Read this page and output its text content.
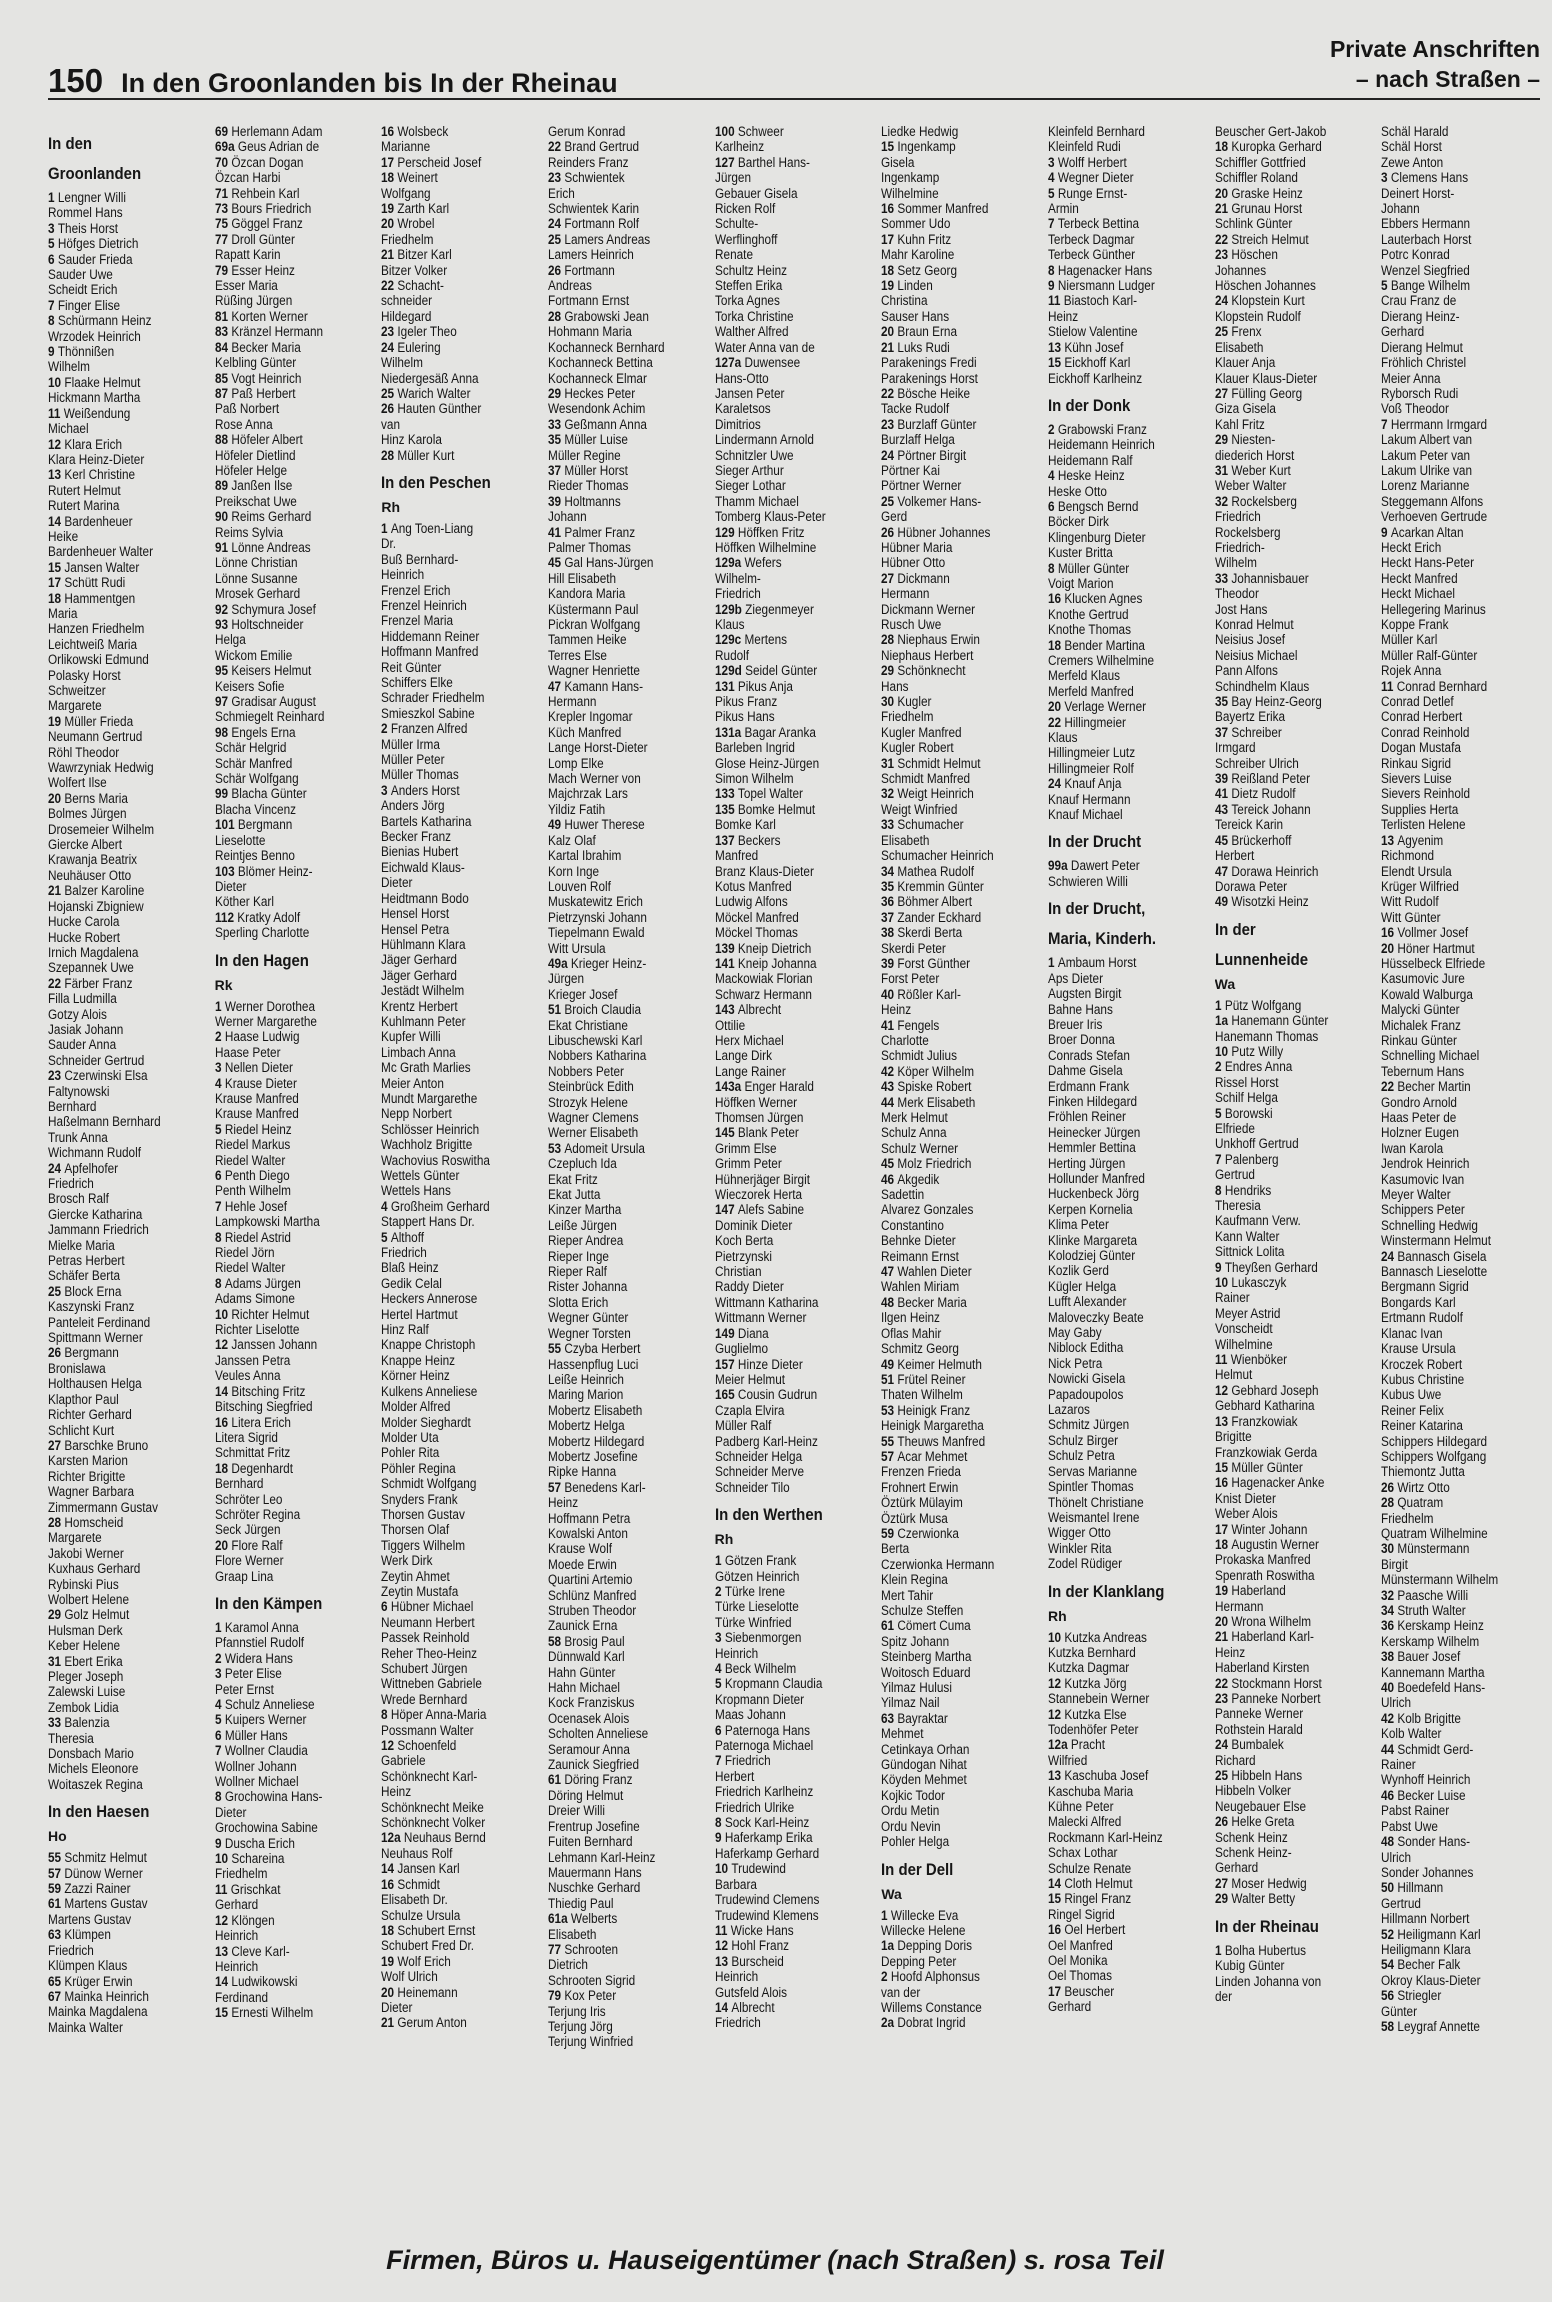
150 In den Groonlanden bis In der Rheinau
Private Anschriften
– nach Straßen –
In den
Groonlanden
1 Lengner Willi
Rommel Hans
3 Theis Horst
5 Höfges Dietrich
6 Sauder Frieda
Sauder Uwe
Scheidt Erich
7 Finger Elise
8 Schürmann Heinz
Wrzodek Heinrich
9 Thönnißen
Wilhelm
10 Flaake Helmut
Hickmann Martha
11 Weißendung
Michael
12 Klara Erich
Klara Heinz-Dieter
13 Kerl Christine
Rutert Helmut
Rutert Marina
14 Bardenheuer
Heike
Bardenheuer Walter
15 Jansen Walter
17 Schütt Rudi
18 Hammentgen
Maria
Hanzen Friedhelm
Leichtweiß Maria
Orlikowski Edmund
Polasky Horst
Schweitzer
Margarete
19 Müller Frieda
Neumann Gertrud
Röhl Theodor
Wawrzyniak Hedwig
Wolfert Ilse
20 Berns Maria
Bolmes Jürgen
Drosemeier Wilhelm
Giercke Albert
Krawanja Beatrix
Neuhäuser Otto
21 Balzer Karoline
Hojanski Zbigniew
Hucke Carola
Hucke Robert
Irnich Magdalena
Szepannek Uwe
22 Färber Franz
Filla Ludmilla
Gotzy Alois
Jasiak Johann
Sauder Anna
Schneider Gertrud
23 Czerwinski Elsa
Faltynowski
Bernhard
Haßelmann Bernhard
Trunk Anna
Wichmann Rudolf
24 Apfelhofer
Friedrich
Brosch Ralf
Giercke Katharina
Jammann Friedrich
Mielke Maria
Petras Herbert
Schäfer Berta
25 Block Erna
Kaszynski Franz
Panteleit Ferdinand
Spittmann Werner
26 Bergmann
Bronislawa
Holthausen Helga
Klapthor Paul
Richter Gerhard
Schlicht Kurt
27 Barschke Bruno
Karsten Marion
Richter Brigitte
Wagner Barbara
Zimmermann Gustav
28 Homscheid
Margarete
Jakobi Werner
Kuxhaus Gerhard
Rybinski Pius
Wolbert Helene
29 Golz Helmut
Hulsman Derk
Keber Helene
31 Ebert Erika
Pleger Joseph
Zalewski Luise
Zembok Lidia
33 Balenzia
Theresia
Donsbach Mario
Michels Eleonore
Woitaszek Regina
In den Haesen
Ho
55 Schmitz Helmut
57 Dünow Werner
59 Zazzi Rainer
61 Martens Gustav
Martens Gustav
63 Klümpen
Friedrich
Klümpen Klaus
65 Krüger Erwin
67 Mainka Heinrich
Mainka Magdalena
Mainka Walter
69 Herlemann Adam
69a Geus Adrian de
70 Özcan Dogan
Özcan Harbi
71 Rehbein Karl
73 Bours Friedrich
75 Göggel Franz
77 Droll Günter
Rapatt Karin
79 Esser Heinz
Esser Maria
Rüßing Jürgen
81 Korten Werner
83 Kränzel Hermann
84 Becker Maria
Kelbling Günter
85 Vogt Heinrich
87 Paß Herbert
Paß Norbert
Rose Anna
88 Höfeler Albert
Höfeler Dietlind
Höfeler Helge
89 Janßen Ilse
Preikschat Uwe
90 Reims Gerhard
Reims Sylvia
91 Lönne Andreas
Lönne Christian
Lönne Susanne
Mrosek Gerhard
92 Schymura Josef
93 Holtschneider
Helga
Wickom Emilie
95 Keisers Helmut
Keisers Sofie
97 Gradisar August
Schmiegelt Reinhard
98 Engels Erna
Schär Helgrid
Schär Manfred
Schär Wolfgang
99 Blacha Günter
Blacha Vincenz
101 Bergmann
Lieselotte
Reintjes Benno
103 Blömer Heinz-
Dieter
Köther Karl
112 Kratky Adolf
Sperling Charlotte
In den Hagen
Rk
1 Werner Dorothea
Werner Margarethe
2 Haase Ludwig
Haase Peter
3 Nellen Dieter
4 Krause Dieter
Krause Manfred
Krause Manfred
5 Riedel Heinz
Riedel Markus
Riedel Walter
6 Penth Diego
Penth Wilhelm
7 Hehle Josef
Lampkowski Martha
8 Riedel Astrid
Riedel Jörn
Riedel Walter
8 Adams Jürgen
Adams Simone
10 Richter Helmut
Richter Liselotte
12 Janssen Johann
Janssen Petra
Veules Anna
14 Bitsching Fritz
Bitsching Siegfried
16 Litera Erich
Litera Sigrid
Schmittat Fritz
18 Degenhardt
Bernhard
Schröter Leo
Schröter Regina
Seck Jürgen
20 Flore Ralf
Flore Werner
Graap Lina
In den Kämpen
1 Karamol Anna
Pfannstiel Rudolf
2 Widera Hans
3 Peter Elise
Peter Ernst
4 Schulz Anneliese
5 Kuipers Werner
6 Müller Hans
7 Wollner Claudia
Wollner Johann
Wollner Michael
8 Grochowina Hans-
Dieter
Grochowina Sabine
9 Duscha Erich
10 Schareina
Friedhelm
11 Grischkat
Gerhard
12 Klöngen
Heinrich
13 Cleve Karl-
Heinrich
14 Ludwikowski
Ferdinand
15 Ernesti Wilhelm
16 Wolsbeck
Marianne
17 Perscheid Josef
18 Weinert
Wolfgang
19 Zarth Karl
20 Wrobel
Friedhelm
21 Bitzer Karl
Bitzer Volker
22 Schacht-
schneider
Hildegard
23 Igeler Theo
24 Eulering
Wilhelm
Niedergesäß Anna
25 Warich Walter
26 Hauten Günther
van
Hinz Karola
28 Müller Kurt
In den Peschen
Rh
1 Ang Toen-Liang
Dr.
Buß Bernhard-
Heinrich
Frenzel Erich
Frenzel Heinrich
Frenzel Maria
Hiddemann Reiner
Hoffmann Manfred
Reit Günter
Schiffers Elke
Schrader Friedhelm
Smieszkol Sabine
2 Franzen Alfred
Müller Irma
Müller Peter
Müller Thomas
3 Anders Horst
Anders Jörg
Bartels Katharina
Becker Franz
Bienias Hubert
Eichwald Klaus-
Dieter
Heidtmann Bodo
Hensel Horst
Hensel Petra
Hühlmann Klara
Jäger Gerhard
Jäger Gerhard
Jestädt Wilhelm
Krentz Herbert
Kuhlmann Peter
Kupfer Willi
Limbach Anna
Mc Grath Marlies
Meier Anton
Mundt Margarethe
Nepp Norbert
Schlösser Heinrich
Wachholz Brigitte
Wachovius Roswitha
Wettels Günter
Wettels Hans
4 Großheim Gerhard
Stappert Hans Dr.
5 Althoff
Friedrich
Blaß Heinz
Gedik Celal
Heckers Annerose
Hertel Hartmut
Hinz Ralf
Knappe Christoph
Knappe Heinz
Körner Heinz
Kulkens Anneliese
Molder Alfred
Molder Sieghardt
Molder Uta
Pohler Rita
Pöhler Regina
Schmidt Wolfgang
Snyders Frank
Thorsen Gustav
Thorsen Olaf
Tiggers Wilhelm
Werk Dirk
Zeytin Ahmet
Zeytin Mustafa
6 Hübner Michael
Neumann Herbert
Passek Reinhold
Reher Theo-Heinz
Schubert Jürgen
Wittneben Gabriele
Wrede Bernhard
8 Höper Anna-Maria
Possmann Walter
12 Schoenfeld
Gabriele
Schönknecht Karl-
Heinz
Schönknecht Meike
Schönknecht Volker
12a Neuhaus Bernd
Neuhaus Rolf
14 Jansen Karl
16 Schmidt
Elisabeth Dr.
Schulze Ursula
18 Schubert Ernst
Schubert Fred Dr.
19 Wolf Erich
Wolf Ulrich
20 Heinemann
Dieter
21 Gerum Anton
Gerum Konrad
22 Brand Gertrud
Reinders Franz
23 Schwientek
Erich
Schwientek Karin
24 Fortmann Rolf
25 Lamers Andreas
Lamers Heinrich
26 Fortmann
Andreas
Fortmann Ernst
28 Grabowski Jean
Hohmann Maria
Kochanneck Bernhard
Kochanneck Bettina
Kochanneck Elmar
29 Heckes Peter
Wesendonk Achim
33 Geßmann Anna
35 Müller Luise
Müller Regine
37 Müller Horst
Rieder Thomas
39 Holtmanns
Johann
41 Palmer Franz
Palmer Thomas
45 Gal Hans-Jürgen
Hill Elisabeth
Kandora Maria
Küstermann Paul
Pickran Wolfgang
Tammen Heike
Terres Else
Wagner Henriette
47 Kamann Hans-
Hermann
Krepler Ingomar
Küch Manfred
Lange Horst-Dieter
Lomp Elke
Mach Werner von
Majchrzak Lars
Yildiz Fatih
49 Huwer Therese
Kalz Olaf
Kartal Ibrahim
Korn Inge
Louven Rolf
Muskatewitz Erich
Pietrzynski Johann
Tiepelmann Ewald
Witt Ursula
49a Krieger Heinz-
Jürgen
Krieger Josef
51 Broich Claudia
Ekat Christiane
Libuschewski Karl
Nobbers Katharina
Nobbers Peter
Steinbrück Edith
Strozyk Helene
Wagner Clemens
Werner Elisabeth
53 Adomeit Ursula
Czepluch Ida
Ekat Fritz
Ekat Jutta
Kinzer Martha
Leiße Jürgen
Rieper Andrea
Rieper Inge
Rieper Ralf
Rister Johanna
Slotta Erich
Wegner Günter
Wegner Torsten
55 Czyba Herbert
Hassenpflug Luci
Leiße Heinrich
Maring Marion
Mobertz Elisabeth
Mobertz Helga
Mobertz Hildegard
Mobertz Josefine
Ripke Hanna
57 Benedens Karl-
Heinz
Hoffmann Petra
Kowalski Anton
Krause Wolf
Moede Erwin
Quartini Artemio
Schlünz Manfred
Struben Theodor
Zaunick Erna
58 Brosig Paul
Dünnwald Karl
Hahn Günter
Hahn Michael
Kock Franziskus
Ocenasek Alois
Scholten Anneliese
Seramour Anna
Zaunick Siegfried
61 Döring Franz
Döring Helmut
Dreier Willi
Frentrup Josefine
Fuiten Bernhard
Lehmann Karl-Heinz
Mauermann Hans
Nuschke Gerhard
Thiedig Paul
61a Welberts
Elisabeth
77 Schrooten
Dietrich
Schrooten Sigrid
79 Kox Peter
Terjung Iris
Terjung Jörg
Terjung Winfried
100 Schweer
Karlheinz
127 Barthel Hans-
Jürgen
Gebauer Gisela
Ricken Rolf
Schulte-
Werflinghoff
Renate
Schultz Heinz
Steffen Erika
Torka Agnes
Torka Christine
Walther Alfred
Water Anna van de
127a Duwensee
Hans-Otto
Jansen Peter
Karaletsos
Dimitrios
Lindermann Arnold
Schnitzler Uwe
Sieger Arthur
Sieger Lothar
Thamm Michael
Tomberg Klaus-Peter
129 Höffken Fritz
Höffken Wilhelmine
129a Wefers
Wilhelm-
Friedrich
129b Ziegenmeyer
Klaus
129c Mertens
Rudolf
129d Seidel Günter
131 Pikus Anja
Pikus Franz
Pikus Hans
131a Bagar Aranka
Barleben Ingrid
Glose Heinz-Jürgen
Simon Wilhelm
133 Topel Walter
135 Bomke Helmut
Bomke Karl
137 Beckers
Manfred
Branz Klaus-Dieter
Kotus Manfred
Ludwig Alfons
Möckel Manfred
Möckel Thomas
139 Kneip Dietrich
141 Kneip Johanna
Mackowiak Florian
Schwarz Hermann
143 Albrecht
Ottilie
Herx Michael
Lange Dirk
Lange Rainer
143a Enger Harald
Höffken Werner
Thomsen Jürgen
145 Blank Peter
Grimm Else
Grimm Peter
Hühnerjäger Birgit
Wieczorek Herta
147 Alefs Sabine
Dominik Dieter
Koch Berta
Pietrzynski
Christian
Raddy Dieter
Wittmann Katharina
Wittmann Werner
149 Diana
Guglielmo
157 Hinze Dieter
Meier Helmut
165 Cousin Gudrun
Czapla Elvira
Müller Ralf
Padberg Karl-Heinz
Schneider Helga
Schneider Merve
Schneider Tilo
In den Werthen
Rh
1 Götzen Frank
Götzen Heinrich
2 Türke Irene
Türke Lieselotte
Türke Winfried
3 Siebenmorgen
Heinrich
4 Beck Wilhelm
5 Kropmann Claudia
Kropmann Dieter
Maas Johann
6 Paternoga Hans
Paternoga Michael
7 Friedrich
Herbert
Friedrich Karlheinz
Friedrich Ulrike
8 Sock Karl-Heinz
9 Haferkamp Erika
Haferkamp Gerhard
10 Trudewind
Barbara
Trudewind Clemens
Trudewind Klemens
11 Wicke Hans
12 Hohl Franz
13 Burscheid
Heinrich
Gutsfeld Alois
14 Albrecht
Friedrich
Liedke Hedwig
15 Ingenkamp
Gisela
Ingenkamp
Wilhelmine
16 Sommer Manfred
Sommer Udo
17 Kuhn Fritz
Mahr Karoline
18 Setz Georg
19 Linden
Christina
Sauser Hans
20 Braun Erna
21 Luks Rudi
Parakenings Fredi
Parakenings Horst
22 Bösche Heike
Tacke Rudolf
23 Burzlaff Günter
Burzlaff Helga
24 Pörtner Birgit
Pörtner Kai
Pörtner Werner
25 Volkemer Hans-
Gerd
26 Hübner Johannes
Hübner Maria
Hübner Otto
27 Dickmann
Hermann
Dickmann Werner
Rusch Uwe
28 Niephaus Erwin
Niephaus Herbert
29 Schönknecht
Hans
30 Kugler
Friedhelm
Kugler Manfred
Kugler Robert
31 Schmidt Helmut
Schmidt Manfred
32 Weigt Heinrich
Weigt Winfried
33 Schumacher
Elisabeth
Schumacher Heinrich
34 Mathea Rudolf
35 Kremmin Günter
36 Böhmer Albert
37 Zander Eckhard
38 Skerdi Berta
Skerdi Peter
39 Forst Günther
Forst Peter
40 Rößler Karl-
Heinz
41 Fengels
Charlotte
Schmidt Julius
42 Köper Wilhelm
43 Spiske Robert
44 Merk Elisabeth
Merk Helmut
Schulz Anna
Schulz Werner
45 Molz Friedrich
46 Akgedik
Sadettin
Alvarez Gonzales
Constantino
Behnke Dieter
Reimann Ernst
47 Wahlen Dieter
Wahlen Miriam
48 Becker Maria
Ilgen Heinz
Oflas Mahir
Schmitz Georg
49 Keimer Helmuth
51 Frütel Reiner
Thaten Wilhelm
53 Heinigk Franz
Heinigk Margaretha
55 Theuws Manfred
57 Acar Mehmet
Frenzen Frieda
Frohnert Erwin
Öztürk Mülayim
Öztürk Musa
59 Czerwionka
Berta
Czerwionka Hermann
Klein Regina
Mert Tahir
Schulze Steffen
61 Cömert Cuma
Spitz Johann
Steinberg Martha
Woitosch Eduard
Yilmaz Hulusi
Yilmaz Nail
63 Bayraktar
Mehmet
Cetinkaya Orhan
Gündogan Nihat
Köyden Mehmet
Kojkic Todor
Ordu Metin
Ordu Nevin
Pohler Helga
In der Dell
Wa
1 Willecke Eva
Willecke Helene
1a Depping Doris
Depping Peter
2 Hoofd Alphonsus
van der
Willems Constance
2a Dobrat Ingrid
Kleinfeld Bernhard
Kleinfeld Rudi
3 Wolff Herbert
4 Wegner Dieter
5 Runge Ernst-
Armin
7 Terbeck Bettina
Terbeck Dagmar
Terbeck Günther
8 Hagenacker Hans
9 Niersmann Ludger
11 Biastoch Karl-
Heinz
Stielow Valentine
13 Kühn Josef
15 Eickhoff Karl
Eickhoff Karlheinz
In der Donk
2 Grabowski Franz
Heidemann Heinrich
Heidemann Ralf
4 Heske Heinz
Heske Otto
6 Bengsch Bernd
Böcker Dirk
Klingenburg Dieter
Kuster Britta
8 Müller Günter
Voigt Marion
16 Klucken Agnes
Knothe Gertrud
Knothe Thomas
18 Bender Martina
Cremers Wilhelmine
Merfeld Klaus
Merfeld Manfred
20 Verlage Werner
22 Hillingmeier
Klaus
Hillingmeier Lutz
Hillingmeier Rolf
24 Knauf Anja
Knauf Hermann
Knauf Michael
In der Drucht
99a Dawert Peter
Schwieren Willi
In der Drucht,
Maria, Kinderh.
1 Ambaum Horst
Aps Dieter
Augsten Birgit
Bahne Hans
Breuer Iris
Broer Donna
Conrads Stefan
Dahme Gisela
Erdmann Frank
Finken Hildegard
Fröhlen Reiner
Heinecker Jürgen
Hemmler Bettina
Herting Jürgen
Hollunder Manfred
Huckenbeck Jörg
Kerpen Kornelia
Klima Peter
Klinke Margareta
Kolodziej Günter
Kozlik Gerd
Kügler Helga
Lufft Alexander
Maloveczky Beate
May Gaby
Niblock Editha
Nick Petra
Nowicki Gisela
Papadoupolos
Lazaros
Schmitz Jürgen
Schulz Birger
Schulz Petra
Servas Marianne
Spintler Thomas
Thönelt Christiane
Weismantel Irene
Wigger Otto
Winkler Rita
Zodel Rüdiger
In der Klanklang
Rh
10 Kutzka Andreas
Kutzka Bernhard
Kutzka Dagmar
12 Kutzka Jörg
Stannebein Werner
12 Kutzka Else
Todenhöfer Peter
12a Pracht
Wilfried
13 Kaschuba Josef
Kaschuba Maria
Kühne Peter
Malecki Alfred
Rockmann Karl-Heinz
Schax Lothar
Schulze Renate
14 Cloth Helmut
15 Ringel Franz
Ringel Sigrid
16 Oel Herbert
Oel Manfred
Oel Monika
Oel Thomas
17 Beuscher
Gerhard
Beuscher Gert-Jakob
18 Kuropka Gerhard
Schiffler Gottfried
Schiffler Roland
20 Graske Heinz
21 Grunau Horst
Schlink Günter
22 Streich Helmut
23 Höschen
Johannes
Höschen Johannes
24 Klopstein Kurt
Klopstein Rudolf
25 Frenx
Elisabeth
Klauer Anja
Klauer Klaus-Dieter
27 Fülling Georg
Giza Gisela
Kahl Fritz
29 Niesten-
diederich Horst
31 Weber Kurt
Weber Walter
32 Rockelsberg
Friedrich
Rockelsberg
Friedrich-
Wilhelm
33 Johannisbauer
Theodor
Jost Hans
Konrad Helmut
Neisius Josef
Neisius Michael
Pann Alfons
Schindhelm Klaus
35 Bay Heinz-Georg
Bayertz Erika
37 Schreiber
Irmgard
Schreiber Ulrich
39 Reißland Peter
41 Dietz Rudolf
43 Tereick Johann
Tereick Karin
45 Brückerhoff
Herbert
47 Dorawa Heinrich
Dorawa Peter
49 Wisotzki Heinz
In der
Lunnenheide
Wa
1 Pütz Wolfgang
1a Hanemann Günter
Hanemann Thomas
10 Putz Willy
2 Endres Anna
Rissel Horst
Schilf Helga
5 Borowski
Elfriede
Unkhoff Gertrud
7 Palenberg
Gertrud
8 Hendriks
Theresia
Kaufmann Verw.
Kann Walter
Sittnick Lolita
9 Theyßen Gerhard
10 Lukasczyk
Rainer
Meyer Astrid
Vonscheidt
Wilhelmine
11 Wienböker
Helmut
12 Gebhard Joseph
Gebhard Katharina
13 Franzkowiak
Brigitte
Franzkowiak Gerda
15 Müller Günter
16 Hagenacker Anke
Knist Dieter
Weber Alois
17 Winter Johann
18 Augustin Werner
Prokaska Manfred
Spenrath Roswitha
19 Haberland
Hermann
20 Wrona Wilhelm
21 Haberland Karl-
Heinz
Haberland Kirsten
22 Stockmann Horst
23 Panneke Norbert
Panneke Werner
Rothstein Harald
24 Bumbalek
Richard
25 Hibbeln Hans
Hibbeln Volker
Neugebauer Else
26 Helke Greta
Schenk Heinz
Schenk Heinz-
Gerhard
27 Moser Hedwig
29 Walter Betty
In der Rheinau
1 Bolha Hubertus
Kubig Günter
Linden Johanna von
der
Schäl Harald
Schäl Horst
Zewe Anton
3 Clemens Hans
Deinert Horst-
Johann
Ebbers Hermann
Lauterbach Horst
Potrc Konrad
Wenzel Siegfried
5 Bange Wilhelm
Crau Franz de
Dierang Heinz-
Gerhard
Dierang Helmut
Fröhlich Christel
Meier Anna
Ryborsch Rudi
Voß Theodor
7 Herrmann Irmgard
Lakum Albert van
Lakum Peter van
Lakum Ulrike van
Lorenz Marianne
Steggemann Alfons
Verhoeven Gertrude
9 Acarkan Altan
Heckt Erich
Heckt Hans-Peter
Heckt Manfred
Heckt Michael
Hellegering Marinus
Koppe Frank
Müller Karl
Müller Ralf-Günter
Rojek Anna
11 Conrad Bernhard
Conrad Detlef
Conrad Herbert
Conrad Reinhold
Dogan Mustafa
Rinkau Sigrid
Sievers Luise
Sievers Reinhold
Supplies Herta
Terlisten Helene
13 Agyenim
Richmond
Elendt Ursula
Krüger Wilfried
Witt Rudolf
Witt Günter
16 Vollmer Josef
20 Höner Hartmut
Hüsselbeck Elfriede
Kasumovic Jure
Kowald Walburga
Malycki Günter
Michalek Franz
Rinkau Günter
Schnelling Michael
Tebernum Hans
22 Becher Martin
Gondro Arnold
Haas Peter de
Holzner Eugen
Iwan Karola
Jendrok Heinrich
Kasumovic Ivan
Meyer Walter
Schippers Peter
Schnelling Hedwig
Winstermann Helmut
24 Bannasch Gisela
Bannasch Lieselotte
Bergmann Sigrid
Bongards Karl
Ertmann Rudolf
Klanac Ivan
Krause Ursula
Kroczek Robert
Kubus Christine
Kubus Uwe
Reiner Felix
Reiner Katarina
Schippers Hildegard
Schippers Wolfgang
Thiemontz Jutta
26 Wirtz Otto
28 Quatram
Friedhelm
Quatram Wilhelmine
30 Münstermann
Birgit
Münstermann Wilhelm
32 Paasche Willi
34 Struth Walter
36 Kerskamp Heinz
Kerskamp Wilhelm
38 Bauer Josef
Kannemann Martha
40 Boedefeld Hans-
Ulrich
42 Kolb Brigitte
Kolb Walter
44 Schmidt Gerd-
Rainer
Wynhoff Heinrich
46 Becker Luise
Pabst Rainer
Pabst Uwe
48 Sonder Hans-
Ulrich
Sonder Johannes
50 Hillmann
Gertrud
Hillmann Norbert
52 Heiligmann Karl
Heiligmann Klara
54 Becher Falk
Okroy Klaus-Dieter
56 Striegler
Günter
58 Leygraf Annette
Firmen, Büros u. Hauseigentümer (nach Straßen) s. rosa Teil
